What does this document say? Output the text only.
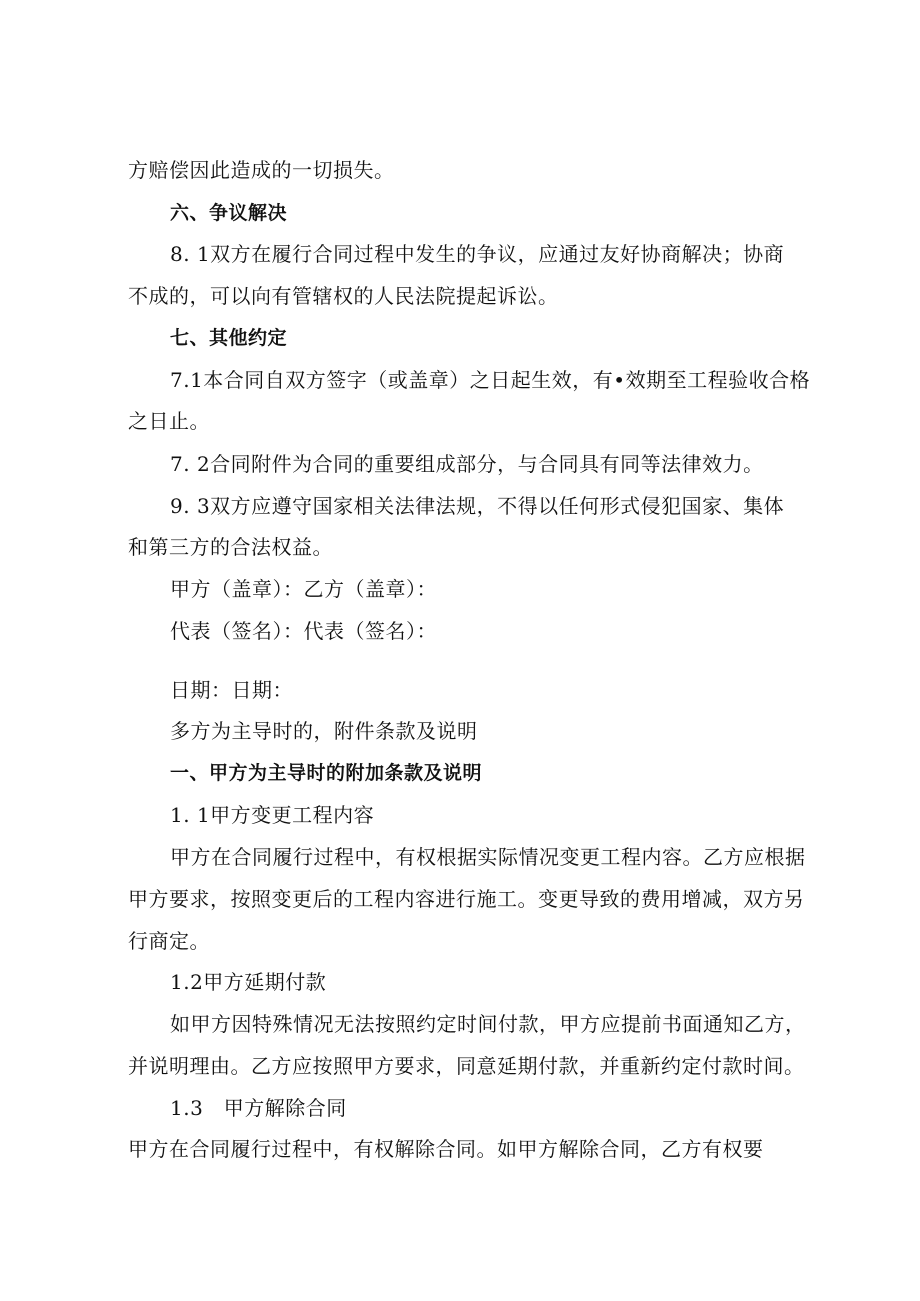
方赔偿因此造成的一切损失。
六、争议解决
8. 1双方在履行合同过程中发生的争议，应通过友好协商解决；协商
不成的，可以向有管辖权的人民法院提起诉讼。
七、其他约定
7.1本合同自双方签字（或盖章）之日起生效，有•效期至工程验收合格
之日止。
7. 2合同附件为合同的重要组成部分，与合同具有同等法律效力。
9. 3双方应遵守国家相关法律法规，不得以任何形式侵犯国家、集体
和第三方的合法权益。
甲方（盖章）：乙方（盖章）：
代表（签名）：代表（签名）：
日期：日期：
多方为主导时的，附件条款及说明
一、甲方为主导时的附加条款及说明
1. 1甲方变更工程内容
甲方在合同履行过程中，有权根据实际情况变更工程内容。乙方应根据
甲方要求，按照变更后的工程内容进行施工。变更导致的费用增减，双方另
行商定。
1.2甲方延期付款
如甲方因特殊情况无法按照约定时间付款，甲方应提前书面通知乙方，
并说明理由。乙方应按照甲方要求，同意延期付款，并重新约定付款时间。
1.3　甲方解除合同
甲方在合同履行过程中，有权解除合同。如甲方解除合同，乙方有权要
